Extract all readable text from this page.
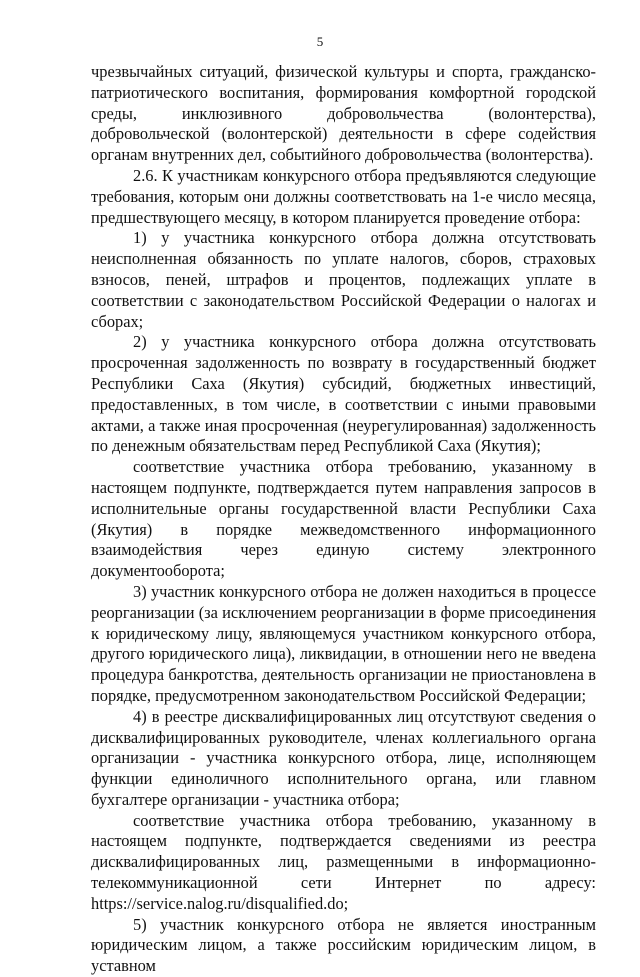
5

чрезвычайных ситуаций, физической культуры и спорта, гражданско-патриотического воспитания, формирования комфортной городской среды, инклюзивного добровольчества (волонтерства), добровольческой (волонтерской) деятельности в сфере содействия органам внутренних дел, событийного добровольчества (волонтерства).

2.6. К участникам конкурсного отбора предъявляются следующие требования, которым они должны соответствовать на 1-е число месяца, предшествующего месяцу, в котором планируется проведение отбора:

1) у участника конкурсного отбора должна отсутствовать неисполненная обязанность по уплате налогов, сборов, страховых взносов, пеней, штрафов и процентов, подлежащих уплате в соответствии с законодательством Российской Федерации о налогах и сборах;

2) у участника конкурсного отбора должна отсутствовать просроченная задолженность по возврату в государственный бюджет Республики Саха (Якутия) субсидий, бюджетных инвестиций, предоставленных, в том числе, в соответствии с иными правовыми актами, а также иная просроченная (неурегулированная) задолженность по денежным обязательствам перед Республикой Саха (Якутия);

соответствие участника отбора требованию, указанному в настоящем подпункте, подтверждается путем направления запросов в исполнительные органы государственной власти Республики Саха (Якутия) в порядке межведомственного информационного взаимодействия через единую систему электронного документооборота;

3) участник конкурсного отбора не должен находиться в процессе реорганизации (за исключением реорганизации в форме присоединения к юридическому лицу, являющемуся участником конкурсного отбора, другого юридического лица), ликвидации, в отношении него не введена процедура банкротства, деятельность организации не приостановлена в порядке, предусмотренном законодательством Российской Федерации;

4) в реестре дисквалифицированных лиц отсутствуют сведения о дисквалифицированных руководителе, членах коллегиального органа организации - участника конкурсного отбора, лице, исполняющем функции единоличного исполнительного органа, или главном бухгалтере организации - участника отбора;

соответствие участника отбора требованию, указанному в настоящем подпункте, подтверждается сведениями из реестра дисквалифицированных лиц, размещенными в информационно-телекоммуникационной сети Интернет по адресу: https://service.nalog.ru/disqualified.do;

5) участник конкурсного отбора не является иностранным юридическим лицом, а также российским юридическим лицом, в уставном
